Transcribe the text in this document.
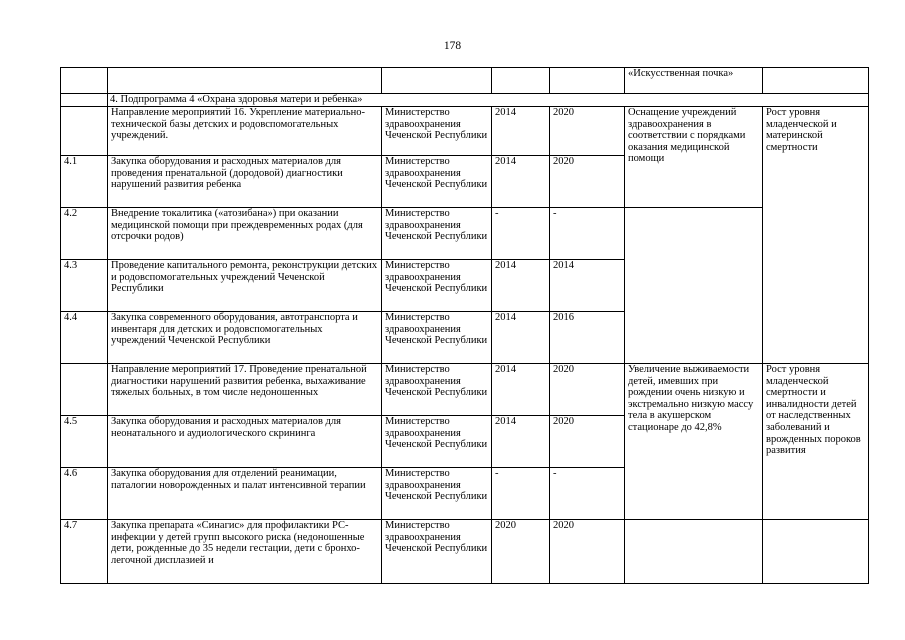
178
					«Искусственная почка»	
	4. Подпрограмма 4 «Охрана здоровья матери и ребенка»					
	Направление мероприятий 16. Укрепление материально-технической базы детских и родовспомогательных учреждений.	Министерство здравоохранения Чеченской Республики	2014	2020	Оснащение учреждений здравоохранения в соответствии с порядками оказания медицинской помощи	Рост уровня младенческой и материнской смертности
4.1	Закупка оборудования и расходных материалов для проведения пренатальной (дородовой) диагностики нарушений развития ребенка	Министерство здравоохранения Чеченской Республики	2014	2020		
4.2	Внедрение токалитика («атозибана») при оказании медицинской помощи при преждевременных родах (для отсрочки родов)	Министерство здравоохранения Чеченской Республики	-	-		
4.3	Проведение капитального ремонта, реконструкции детских и родовспомогательных учреждений Чеченской Республики	Министерство здравоохранения Чеченской Республики	2014	2014		
4.4	Закупка современного оборудования, автотранспорта и инвентаря для детских и родовспомогательных учреждений Чеченской Республики	Министерство здравоохранения Чеченской Республики	2014	2016		
	Направление мероприятий 17. Проведение пренатальной диагностики нарушений развития ребенка, выхаживание тяжелых больных, в том числе недоношенных	Министерство здравоохранения Чеченской Республики	2014	2020	Увеличение выживаемости детей, имевших при рождении очень низкую и экстремально низкую массу тела в акушерском стационаре до 42,8%	Рост уровня младенческой смертности и инвалидности детей от наследственных заболеваний и врожденных пороков развития
4.5	Закупка оборудования и расходных материалов для неонатального и аудиологического скрининга	Министерство здравоохранения Чеченской Республики	2014	2020		
4.6	Закупка оборудования для отделений реанимации, паталогии новорожденных и палат интенсивной терапии	Министерство здравоохранения Чеченской Республики	-	-		
4.7	Закупка препарата «Синагис» для профилактики РС-инфекции у детей групп высокого риска (недоношенные дети, рожденные до 35 недели гестации, дети с бронхо-легочной дисплазией и	Министерство здравоохранения Чеченской Республики	2020	2020		
